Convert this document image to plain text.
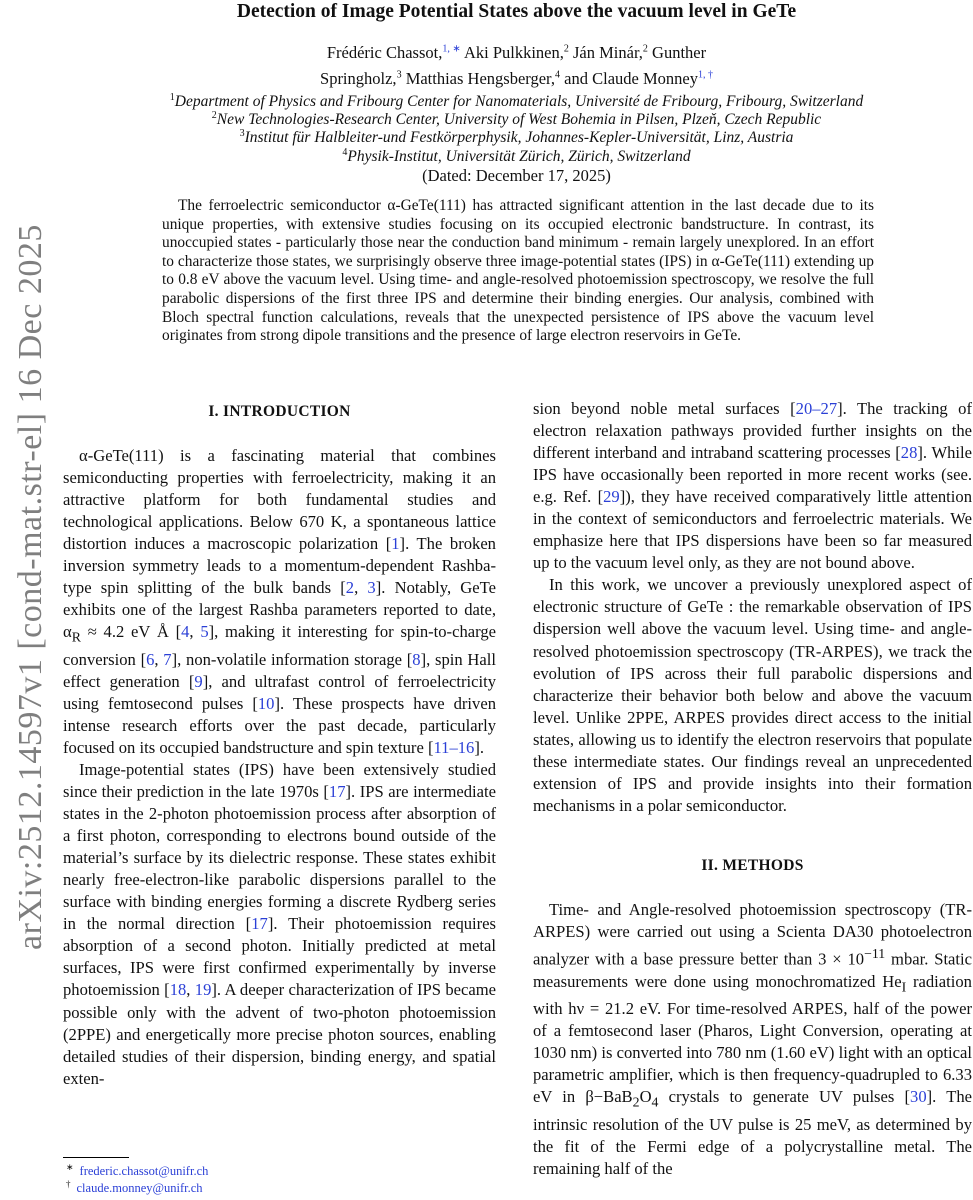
arXiv:2512.14597v1 [cond-mat.str-el] 16 Dec 2025
Detection of Image Potential States above the vacuum level in GeTe
Frédéric Chassot,$^{1, ∗}$ Aki Pulkkinen,$^2$ Ján Minár,$^2$ Gunther
Springholz,$^3$ Matthias Hengsberger,$^4$ and Claude Monney$^{1, \dagger}$
$^1$Department of Physics and Fribourg Center for Nanomaterials, Université de Fribourg, Fribourg, Switzerland
$^2$New Technologies-Research Center, University of West Bohemia in Pilsen, Plzeň, Czech Republic
$^3$Institut für Halbleiter-und Festkörperphysik, Johannes-Kepler-Universität, Linz, Austria
$^4$Physik-Institut, Universität Zürich, Zürich, Switzerland
(Dated: December 17, 2025)
The ferroelectric semiconductor α-GeTe(111) has attracted significant attention in the last decade due to its unique properties, with extensive studies focusing on its occupied electronic bandstructure. In contrast, its unoccupied states - particularly those near the conduction band minimum - remain largely unexplored. In an effort to characterize those states, we surprisingly observe three image-potential states (IPS) in α-GeTe(111) extending up to 0.8 eV above the vacuum level. Using time- and angle-resolved photoemission spectroscopy, we resolve the full parabolic dispersions of the first three IPS and determine their binding energies. Our analysis, combined with Bloch spectral function calculations, reveals that the unexpected persistence of IPS above the vacuum level originates from strong dipole transitions and the presence of large electron reservoirs in GeTe.
I. INTRODUCTION

α-GeTe(111) is a fascinating material that combines semiconducting properties with ferroelectricity, making it an attractive platform for both fundamental studies and technological applications. Below 670 K, a spontaneous lattice distortion induces a macroscopic polarization [1]. The broken inversion symmetry leads to a momentum-dependent Rashba-type spin splitting of the bulk bands [2, 3]. Notably, GeTe exhibits one of the largest Rashba parameters reported to date, $\alpha_R \approx 4.2$ eV Å [4, 5], making it interesting for spin-to-charge conversion [6, 7], non-volatile information storage [8], spin Hall effect generation [9], and ultrafast control of ferroelectricity using femtosecond pulses [10]. These prospects have driven intense research efforts over the past decade, particularly focused on its occupied bandstructure and spin texture [11–16].

Image-potential states (IPS) have been extensively studied since their prediction in the late 1970s [17]. IPS are intermediate states in the 2-photon photoemission process after absorption of a first photon, corresponding to electrons bound outside of the material’s surface by its dielectric response. These states exhibit nearly free-electron-like parabolic dispersions parallel to the surface with binding energies forming a discrete Rydberg series in the normal direction [17]. Their photoemission requires absorption of a second photon. Initially predicted at metal surfaces, IPS were first confirmed experimentally by inverse photoemission [18, 19]. A deeper characterization of IPS became possible only with the advent of two-photon photoemission (2PPE) and energetically more precise photon sources, enabling detailed studies of their dispersion, binding energy, and spatial exten-

sion beyond noble metal surfaces [20–27]. The tracking of electron relaxation pathways provided further insights on the different interband and intraband scattering processes [28]. While IPS have occasionally been reported in more recent works (see. e.g. Ref. [29]), they have received comparatively little attention in the context of semiconductors and ferroelectric materials. We emphasize here that IPS dispersions have been so far measured up to the vacuum level only, as they are not bound above.

In this work, we uncover a previously unexplored aspect of electronic structure of GeTe : the remarkable observation of IPS dispersion well above the vacuum level. Using time- and angle-resolved photoemission spectroscopy (TR-ARPES), we track the evolution of IPS across their full parabolic dispersions and characterize their behavior both below and above the vacuum level. Unlike 2PPE, ARPES provides direct access to the initial states, allowing us to identify the electron reservoirs that populate these intermediate states. Our findings reveal an unprecedented extension of IPS and provide insights into their formation mechanisms in a polar semiconductor.

II. METHODS

Time- and Angle-resolved photoemission spectroscopy (TR-ARPES) were carried out using a Scienta DA30 photoelectron analyzer with a base pressure better than $3 \times 10^{-11}$ mbar. Static measurements were done using monochromatized $He_I$ radiation with hν = 21.2 eV. For time-resolved ARPES, half of the power of a femtosecond laser (Pharos, Light Conversion, operating at 1030 nm) is converted into 780 nm (1.60 eV) light with an optical parametric amplifier, which is then frequency-quadrupled to 6.33 eV in $\beta-BaB_2O_4$ crystals to generate UV pulses [30]. The intrinsic resolution of the UV pulse is 25 meV, as determined by the fit of the Fermi edge of a polycrystalline metal. The remaining half of the

∗ frederic.chassot@unifr.ch
† claude.monney@unifr.ch
